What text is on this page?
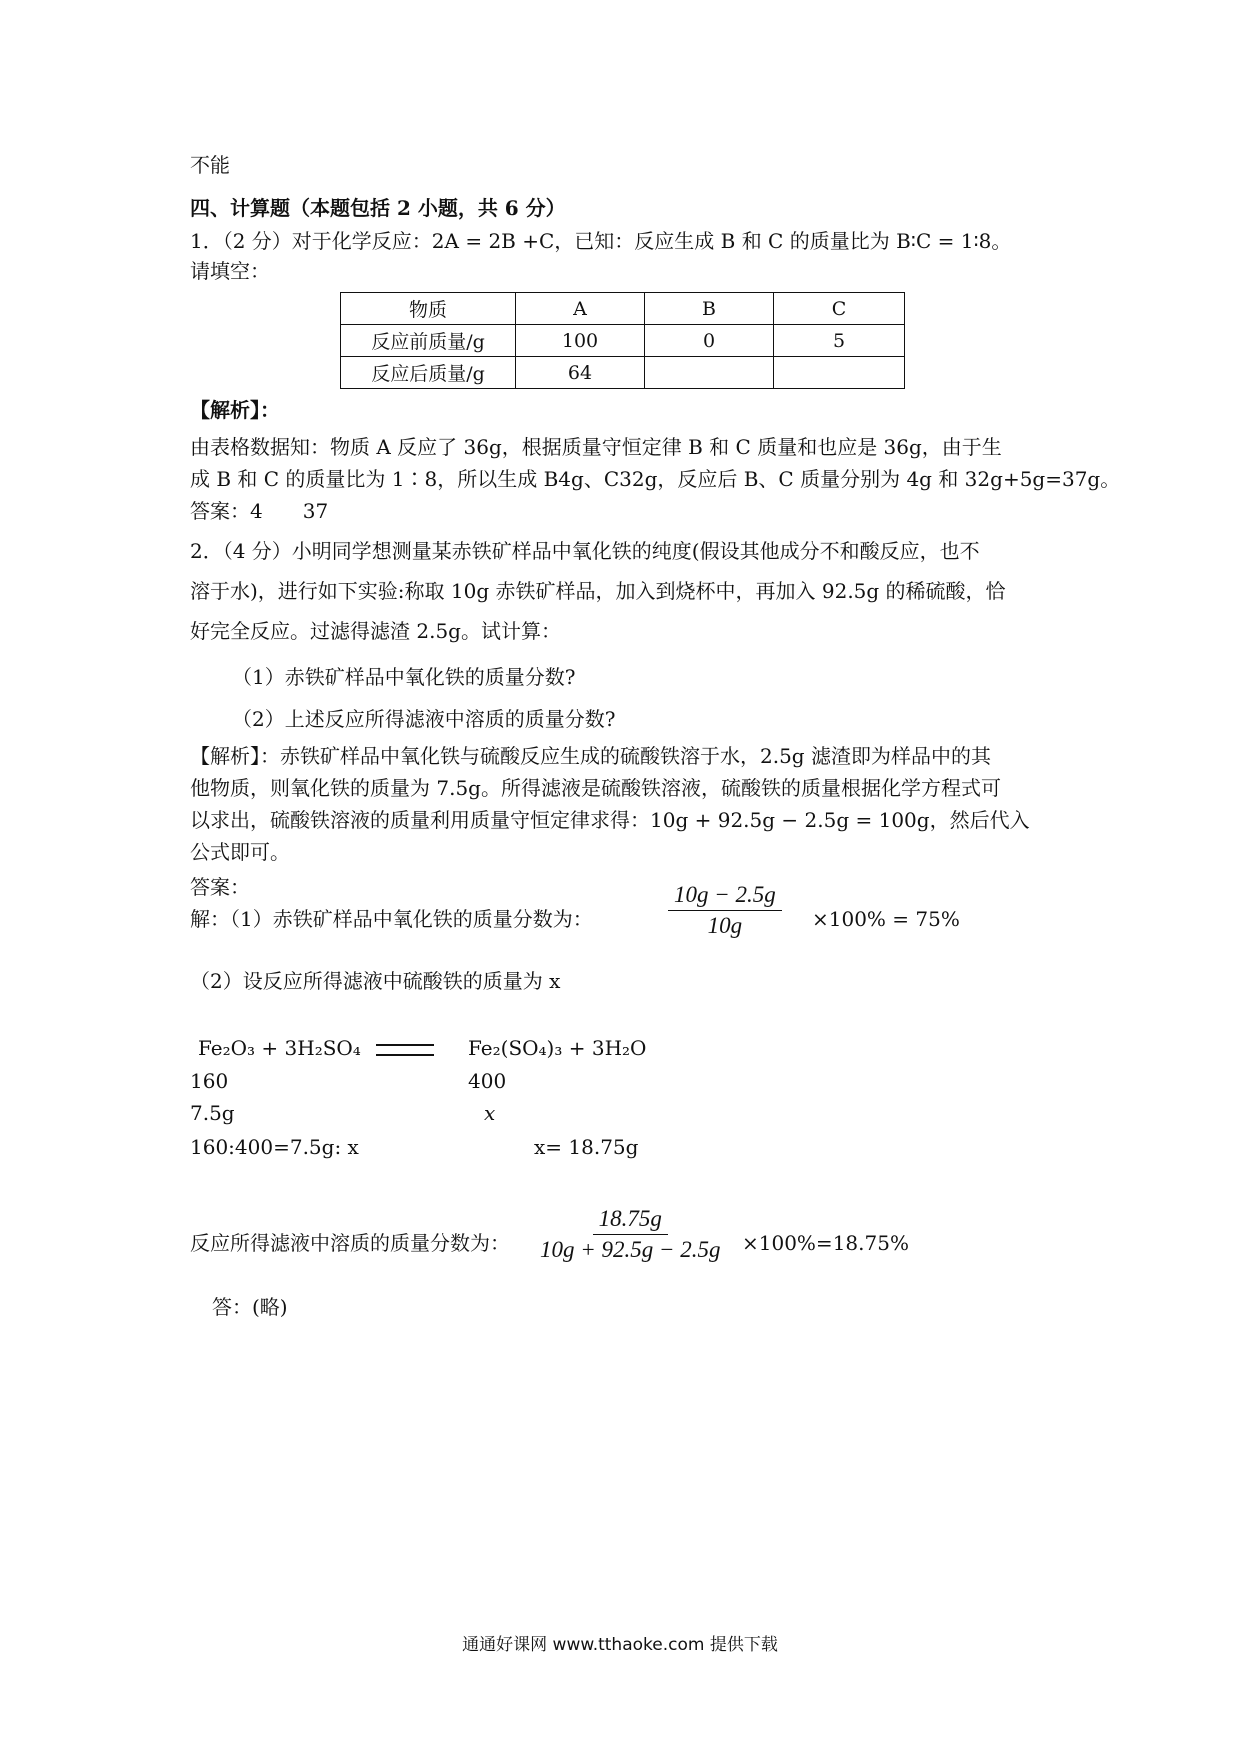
不能
四、计算题（本题包括 2 小题，共 6 分）
1．（2 分）对于化学反应：2A = 2B +C，已知：反应生成 B 和 C 的质量比为 B∶C = 1∶8。
请填空：
物质	A	B	C
反应前质量/g	100	0	5
反应后质量/g	64		
【解析】：
由表格数据知：物质 A 反应了 36g，根据质量守恒定律 B 和 C 质量和也应是 36g，由于生
成 B 和 C 的质量比为 1∶8，所以生成 B4g、C32g，反应后 B、C 质量分别为 4g 和 32g+5g=37g。
答案：4　　37
2．（4 分）小明同学想测量某赤铁矿样品中氧化铁的纯度(假设其他成分不和酸反应，也不
溶于水)，进行如下实验:称取 10g 赤铁矿样品，加入到烧杯中，再加入 92.5g 的稀硫酸，恰
好完全反应。过滤得滤渣 2.5g。试计算：
（1）赤铁矿样品中氧化铁的质量分数?
（2）上述反应所得滤液中溶质的质量分数?
【解析】：赤铁矿样品中氧化铁与硫酸反应生成的硫酸铁溶于水，2.5g 滤渣即为样品中的其
他物质，则氧化铁的质量为 7.5g。所得滤液是硫酸铁溶液，硫酸铁的质量根据化学方程式可
以求出，硫酸铁溶液的质量利用质量守恒定律求得：10g + 92.5g − 2.5g = 100g，然后代入
公式即可。
答案：
解：（1）赤铁矿样品中氧化铁的质量分数为：	$\frac{10g - 2.5g}{10g} \times 100\% = 75\%$
（2）设反应所得滤液中硫酸铁的质量为 x
Fe₂O₃ + 3H₂SO₄	Fe₂(SO₄)₃ + 3H₂O
160	400
7.5g	x
160:400=7.5g: x	x= 18.75g
反应所得滤液中溶质的质量分数为： $\frac{18.75g}{10g + 92.5g - 2.5g} \times 100\%=18.75\%$
答：(略)
通通好课网 www.tthaoke.com 提供下载
